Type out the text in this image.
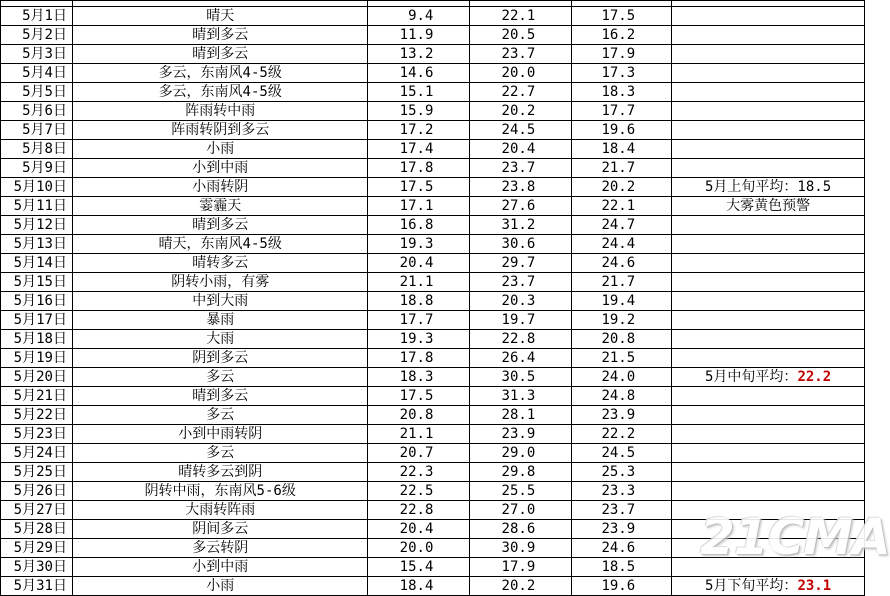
5月1日	晴天	9.4	22.1	17.5	
5月2日	晴到多云	11.9	20.5	16.2	
5月3日	晴到多云	13.2	23.7	17.9	
5月4日	多云，东南风4-5级	14.6	20.0	17.3	
5月5日	多云，东南风4-5级	15.1	22.7	18.3	
5月6日	阵雨转中雨	15.9	20.2	17.7	
5月7日	阵雨转阴到多云	17.2	24.5	19.6	
5月8日	小雨	17.4	20.4	18.4	
5月9日	小到中雨	17.8	23.7	21.7	
5月10日	小雨转阴	17.5	23.8	20.2	5月上旬平均：18.5
5月11日	霎霾天	17.1	27.6	22.1	大雾黄色预警
5月12日	晴到多云	16.8	31.2	24.7	
5月13日	晴天，东南风4-5级	19.3	30.6	24.4	
5月14日	晴转多云	20.4	29.7	24.6	
5月15日	阴转小雨，有雾	21.1	23.7	21.7	
5月16日	中到大雨	18.8	20.3	19.4	
5月17日	暴雨	17.7	19.7	19.2	
5月18日	大雨	19.3	22.8	20.8	
5月19日	阴到多云	17.8	26.4	21.5	
5月20日	多云	18.3	30.5	24.0	5月中旬平均：22.2
5月21日	晴到多云	17.5	31.3	24.8	
5月22日	多云	20.8	28.1	23.9	
5月23日	小到中雨转阴	21.1	23.9	22.2	
5月24日	多云	20.7	29.0	24.5	
5月25日	晴转多云到阴	22.3	29.8	25.3	
5月26日	阴转中雨，东南风5-6级	22.5	25.5	23.3	
5月27日	大雨转阵雨	22.8	27.0	23.7	
5月28日	阴间多云	20.4	28.6	23.9	
5月29日	多云转阴	20.0	30.9	24.6	
5月30日	小到中雨	15.4	17.9	18.5	
5月31日	小雨	18.4	20.2	19.6	5月下旬平均：23.1
21CMA
